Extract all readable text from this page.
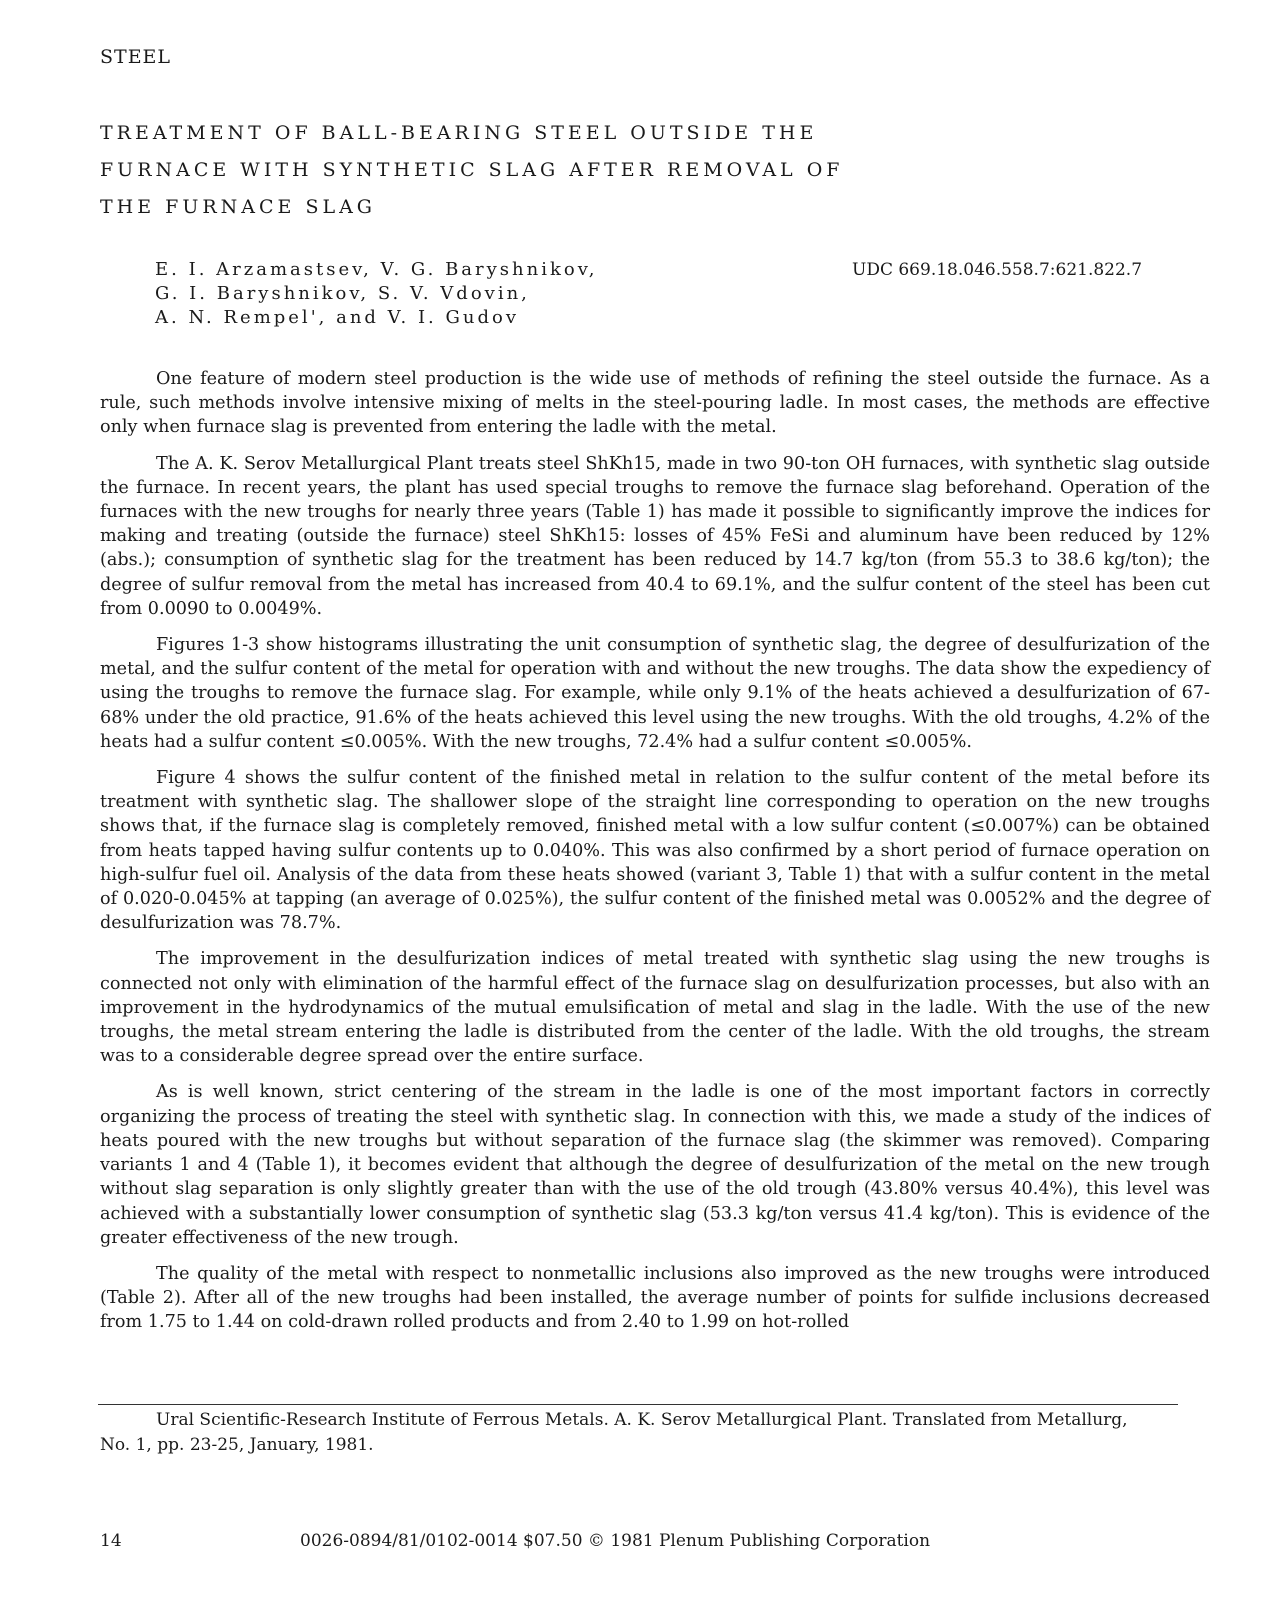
STEEL
TREATMENT OF BALL-BEARING STEEL OUTSIDE THE
FURNACE WITH SYNTHETIC SLAG AFTER REMOVAL OF
THE FURNACE SLAG
E. I. Arzamastsev, V. G. Baryshnikov,
G. I. Baryshnikov, S. V. Vdovin,
A. N. Rempel', and V. I. Gudov
UDC 669.18.046.558.7:621.822.7

One feature of modern steel production is the wide use of methods of refining the steel outside the furnace. As a rule, such methods involve intensive mixing of melts in the steel-pouring ladle. In most cases, the methods are effective only when furnace slag is prevented from entering the ladle with the metal.

The A. K. Serov Metallurgical Plant treats steel ShKh15, made in two 90-ton OH furnaces, with synthetic slag outside the furnace. In recent years, the plant has used special troughs to remove the furnace slag beforehand. Operation of the furnaces with the new troughs for nearly three years (Table 1) has made it possible to significantly improve the indices for making and treating (outside the furnace) steel ShKh15: losses of 45% FeSi and aluminum have been reduced by 12% (abs.); consumption of synthetic slag for the treatment has been reduced by 14.7 kg/ton (from 55.3 to 38.6 kg/ton); the degree of sulfur removal from the metal has increased from 40.4 to 69.1%, and the sulfur content of the steel has been cut from 0.0090 to 0.0049%.

Figures 1-3 show histograms illustrating the unit consumption of synthetic slag, the degree of desulfurization of the metal, and the sulfur content of the metal for operation with and without the new troughs. The data show the expediency of using the troughs to remove the furnace slag. For example, while only 9.1% of the heats achieved a desulfurization of 67-68% under the old practice, 91.6% of the heats achieved this level using the new troughs. With the old troughs, 4.2% of the heats had a sulfur content ≤0.005%. With the new troughs, 72.4% had a sulfur content ≤0.005%.

Figure 4 shows the sulfur content of the finished metal in relation to the sulfur content of the metal before its treatment with synthetic slag. The shallower slope of the straight line corresponding to operation on the new troughs shows that, if the furnace slag is completely removed, finished metal with a low sulfur content (≤0.007%) can be obtained from heats tapped having sulfur contents up to 0.040%. This was also confirmed by a short period of furnace operation on high-sulfur fuel oil. Analysis of the data from these heats showed (variant 3, Table 1) that with a sulfur content in the metal of 0.020-0.045% at tapping (an average of 0.025%), the sulfur content of the finished metal was 0.0052% and the degree of desulfurization was 78.7%.

The improvement in the desulfurization indices of metal treated with synthetic slag using the new troughs is connected not only with elimination of the harmful effect of the furnace slag on desulfurization processes, but also with an improvement in the hydrodynamics of the mutual emulsification of metal and slag in the ladle. With the use of the new troughs, the metal stream entering the ladle is distributed from the center of the ladle. With the old troughs, the stream was to a considerable degree spread over the entire surface.

As is well known, strict centering of the stream in the ladle is one of the most important factors in correctly organizing the process of treating the steel with synthetic slag. In connection with this, we made a study of the indices of heats poured with the new troughs but without separation of the furnace slag (the skimmer was removed). Comparing variants 1 and 4 (Table 1), it becomes evident that although the degree of desulfurization of the metal on the new trough without slag separation is only slightly greater than with the use of the old trough (43.80% versus 40.4%), this level was achieved with a substantially lower consumption of synthetic slag (53.3 kg/ton versus 41.4 kg/ton). This is evidence of the greater effectiveness of the new trough.

The quality of the metal with respect to nonmetallic inclusions also improved as the new troughs were introduced (Table 2). After all of the new troughs had been installed, the average number of points for sulfide inclusions decreased from 1.75 to 1.44 on cold-drawn rolled products and from 2.40 to 1.99 on hot-rolled

Ural Scientific-Research Institute of Ferrous Metals. A. K. Serov Metallurgical Plant. Translated from Metallurg, No. 1, pp. 23-25, January, 1981.

14	0026-0894/81/0102-0014 $07.50 © 1981 Plenum Publishing Corporation
